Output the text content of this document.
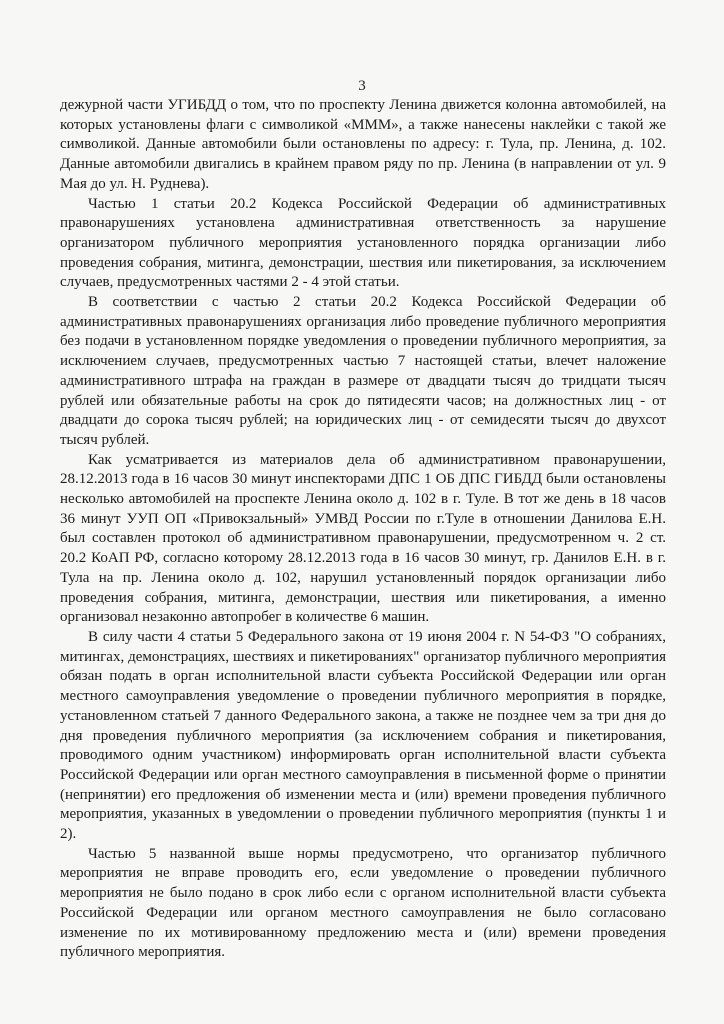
3

дежурной части УГИБДД о том, что по проспекту Ленина движется колонна автомобилей, на которых установлены флаги с символикой «МММ», а также нанесены наклейки с такой же символикой. Данные автомобили были остановлены по адресу: г. Тула, пр. Ленина, д. 102. Данные автомобили двигались в крайнем правом ряду по пр. Ленина (в направлении от ул. 9 Мая до ул. Н. Руднева).

Частью 1 статьи 20.2 Кодекса Российской Федерации об административных правонарушениях установлена административная ответственность за нарушение организатором публичного мероприятия установленного порядка организации либо проведения собрания, митинга, демонстрации, шествия или пикетирования, за исключением случаев, предусмотренных частями 2 - 4 этой статьи.

В соответствии с частью 2 статьи 20.2 Кодекса Российской Федерации об административных правонарушениях организация либо проведение публичного мероприятия без подачи в установленном порядке уведомления о проведении публичного мероприятия, за исключением случаев, предусмотренных частью 7 настоящей статьи, влечет наложение административного штрафа на граждан в размере от двадцати тысяч до тридцати тысяч рублей или обязательные работы на срок до пятидесяти часов; на должностных лиц - от двадцати до сорока тысяч рублей; на юридических лиц - от семидесяти тысяч до двухсот тысяч рублей.

Как усматривается из материалов дела об административном правонарушении, 28.12.2013 года в 16 часов 30 минут инспекторами ДПС 1 ОБ ДПС ГИБДД были остановлены несколько автомобилей на проспекте Ленина около д. 102 в г. Туле. В тот же день в 18 часов 36 минут УУП ОП «Привокзальный» УМВД России по г.Туле в отношении Данилова Е.Н. был составлен протокол об административном правонарушении, предусмотренном ч. 2 ст. 20.2 КоАП РФ, согласно которому 28.12.2013 года в 16 часов 30 минут, гр. Данилов Е.Н. в г. Тула на пр. Ленина около д. 102, нарушил установленный порядок организации либо проведения собрания, митинга, демонстрации, шествия или пикетирования, а именно организовал незаконно автопробег в количестве 6 машин.

В силу части 4 статьи 5 Федерального закона от 19 июня 2004 г. N 54-ФЗ "О собраниях, митингах, демонстрациях, шествиях и пикетированиях" организатор публичного мероприятия обязан подать в орган исполнительной власти субъекта Российской Федерации или орган местного самоуправления уведомление о проведении публичного мероприятия в порядке, установленном статьей 7 данного Федерального закона, а также не позднее чем за три дня до дня проведения публичного мероприятия (за исключением собрания и пикетирования, проводимого одним участником) информировать орган исполнительной власти субъекта Российской Федерации или орган местного самоуправления в письменной форме о принятии (непринятии) его предложения об изменении места и (или) времени проведения публичного мероприятия, указанных в уведомлении о проведении публичного мероприятия (пункты 1 и 2).

Частью 5 названной выше нормы предусмотрено, что организатор публичного мероприятия не вправе проводить его, если уведомление о проведении публичного мероприятия не было подано в срок либо если с органом исполнительной власти субъекта Российской Федерации или органом местного самоуправления не было согласовано изменение по их мотивированному предложению места и (или) времени проведения публичного мероприятия.
